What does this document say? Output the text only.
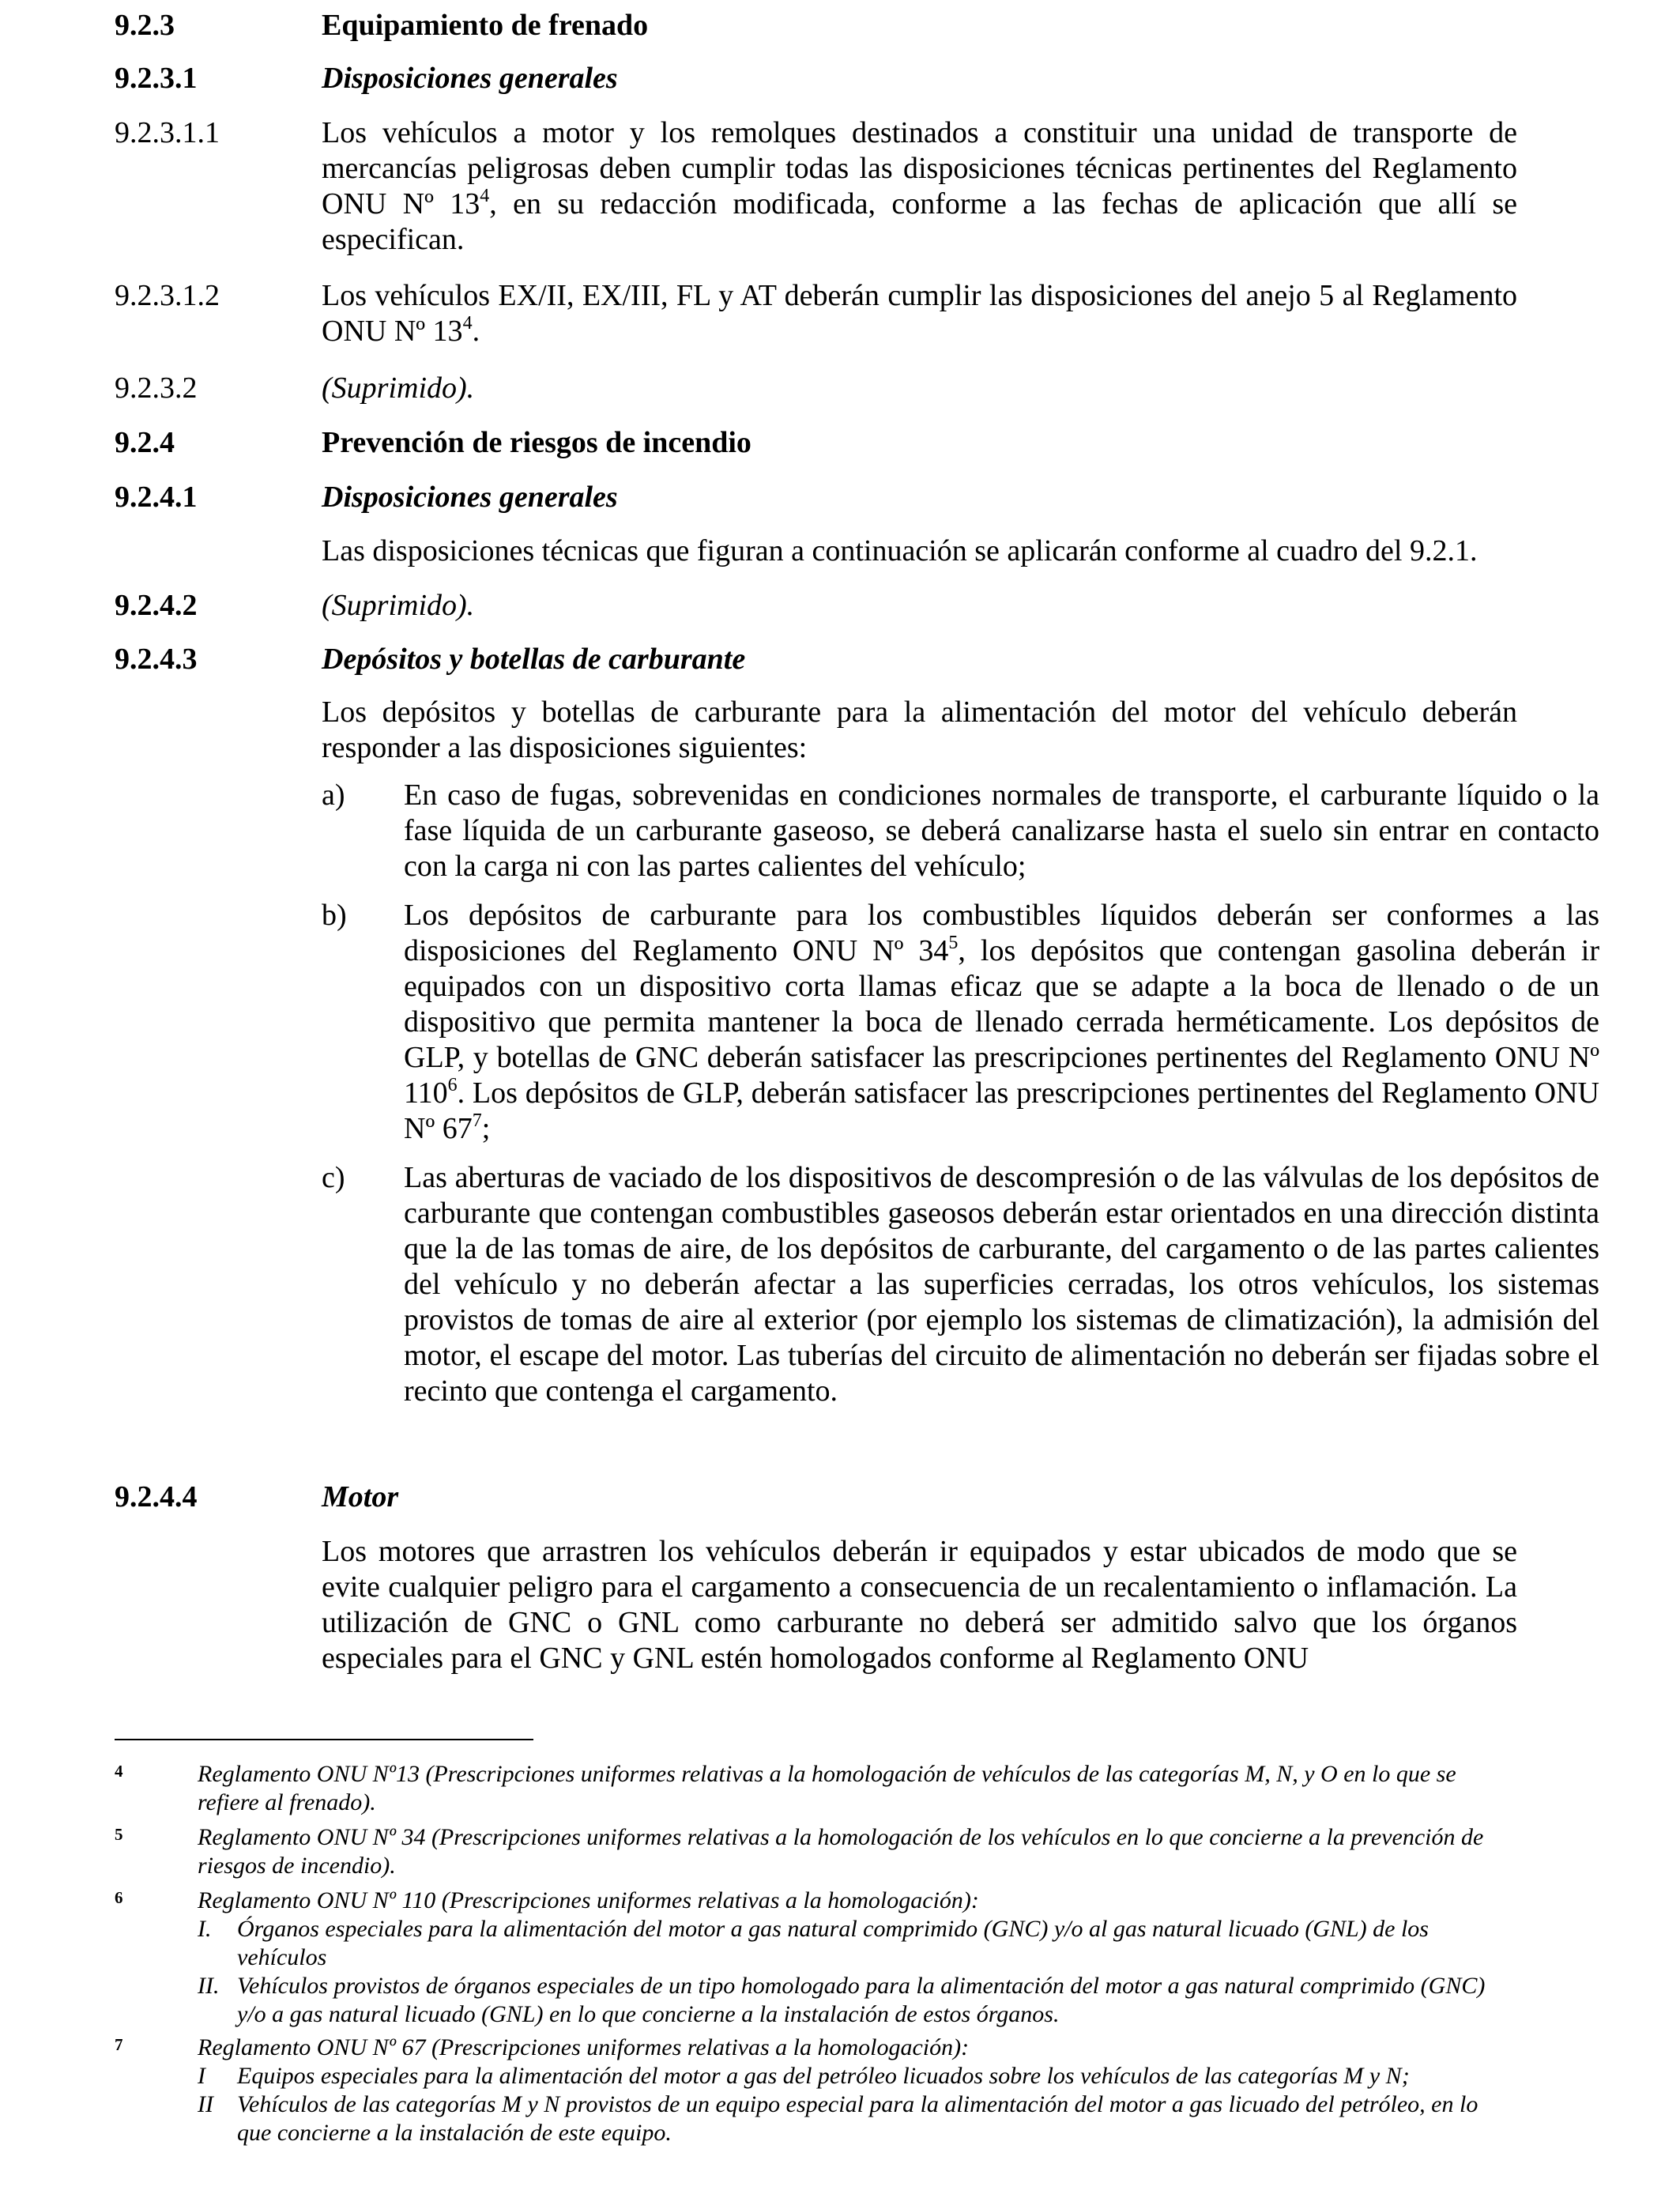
9.2.3	Equipamiento de frenado
9.2.3.1	Disposiciones generales
9.2.3.1.1	Los vehículos a motor y los remolques destinados a constituir una unidad de transporte de mercancías peligrosas deben cumplir todas las disposiciones técnicas pertinentes del Reglamento ONU Nº $13^4$, en su redacción modificada, conforme a las fechas de aplicación que allí se especifican.
9.2.3.1.2	Los vehículos EX/II, EX/III, FL y AT deberán cumplir las disposiciones del anejo 5 al Reglamento ONU Nº $13^4$.
9.2.3.2	(Suprimido).
9.2.4	Prevención de riesgos de incendio
9.2.4.1	Disposiciones generales
Las disposiciones técnicas que figuran a continuación se aplicarán conforme al cuadro del 9.2.1.
9.2.4.2	(Suprimido).
9.2.4.3	Depósitos y botellas de carburante
Los depósitos y botellas de carburante para la alimentación del motor del vehículo deberán responder a las disposiciones siguientes:
a) En caso de fugas, sobrevenidas en condiciones normales de transporte, el carburante líquido o la fase líquida de un carburante gaseoso, se deberá canalizarse hasta el suelo sin entrar en contacto con la carga ni con las partes calientes del vehículo;
b) Los depósitos de carburante para los combustibles líquidos deberán ser conformes a las disposiciones del Reglamento ONU Nº $34^5$, los depósitos que contengan gasolina deberán ir equipados con un dispositivo corta llamas eficaz que se adapte a la boca de llenado o de un dispositivo que permita mantener la boca de llenado cerrada herméticamente. Los depósitos de GLP, y botellas de GNC deberán satisfacer las prescripciones pertinentes del Reglamento ONU Nº $110^6$. Los depósitos de GLP, deberán satisfacer las prescripciones pertinentes del Reglamento ONU Nº $67^7$;
c) Las aberturas de vaciado de los dispositivos de descompresión o de las válvulas de los depósitos de carburante que contengan combustibles gaseosos deberán estar orientados en una dirección distinta que la de las tomas de aire, de los depósitos de carburante, del cargamento o de las partes calientes del vehículo y no deberán afectar a las superficies cerradas, los otros vehículos, los sistemas provistos de tomas de aire al exterior (por ejemplo los sistemas de climatización), la admisión del motor, el escape del motor. Las tuberías del circuito de alimentación no deberán ser fijadas sobre el recinto que contenga el cargamento.
9.2.4.4	Motor
Los motores que arrastren los vehículos deberán ir equipados y estar ubicados de modo que se evite cualquier peligro para el cargamento a consecuencia de un recalentamiento o inflamación. La utilización de GNC o GNL como carburante no deberá ser admitido salvo que los órganos especiales para el GNC y GNL estén homologados conforme al Reglamento ONU
4	Reglamento ONU Nº13 (Prescripciones uniformes relativas a la homologación de vehículos de las categorías M, N, y O en lo que se refiere al frenado).
5	Reglamento ONU Nº 34 (Prescripciones uniformes relativas a la homologación de los vehículos en lo que concierne a la prevención de riesgos de incendio).
6	Reglamento ONU Nº 110 (Prescripciones uniformes relativas a la homologación):
I. Órganos especiales para la alimentación del motor a gas natural comprimido (GNC) y/o al gas natural licuado (GNL) de los vehículos
II. Vehículos provistos de órganos especiales de un tipo homologado para la alimentación del motor a gas natural comprimido (GNC) y/o a gas natural licuado (GNL) en lo que concierne a la instalación de estos órganos.
7	Reglamento ONU Nº 67 (Prescripciones uniformes relativas a la homologación):
I Equipos especiales para la alimentación del motor a gas del petróleo licuados sobre los vehículos de las categorías M y N;
II Vehículos de las categorías M y N provistos de un equipo especial para la alimentación del motor a gas licuado del petróleo, en lo que concierne a la instalación de este equipo.
